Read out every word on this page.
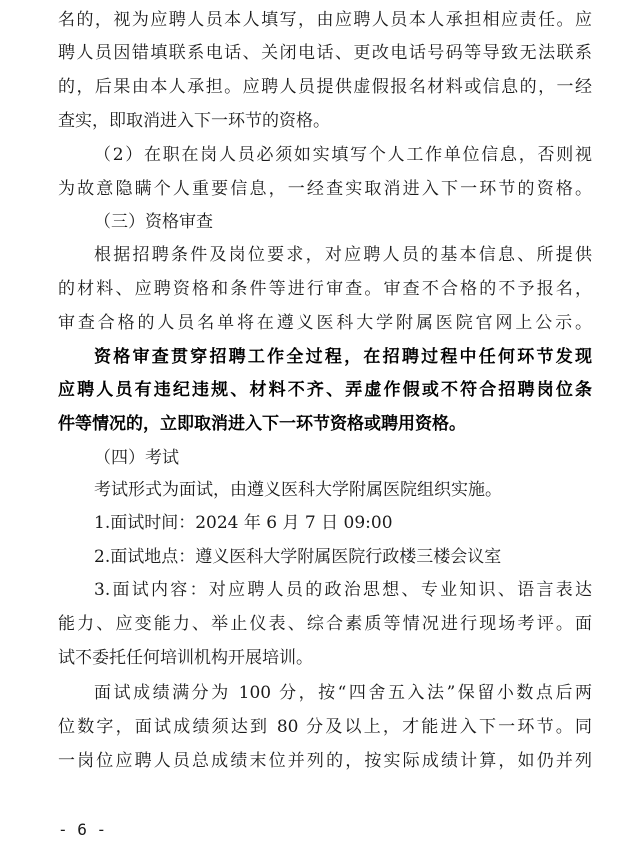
名的，视为应聘人员本人填写，由应聘人员本人承担相应责任。应
聘人员因错填联系电话、关闭电话、更改电话号码等导致无法联系
的，后果由本人承担。应聘人员提供虚假报名材料或信息的，一经
查实，即取消进入下一环节的资格。
（2）在职在岗人员必须如实填写个人工作单位信息，否则视
为故意隐瞒个人重要信息，一经查实取消进入下一环节的资格。
（三）资格审查
根据招聘条件及岗位要求，对应聘人员的基本信息、所提供
的材料、应聘资格和条件等进行审查。审查不合格的不予报名，
审查合格的人员名单将在遵义医科大学附属医院官网上公示。
资格审查贯穿招聘工作全过程，在招聘过程中任何环节发现
应聘人员有违纪违规、材料不齐、弄虚作假或不符合招聘岗位条
件等情况的，立即取消进入下一环节资格或聘用资格。
（四）考试
考试形式为面试，由遵义医科大学附属医院组织实施。
1.面试时间：2024 年 6 月 7 日 09:00
2.面试地点：遵义医科大学附属医院行政楼三楼会议室
3.面试内容：对应聘人员的政治思想、专业知识、语言表达
能力、应变能力、举止仪表、综合素质等情况进行现场考评。面
试不委托任何培训机构开展培训。
面试成绩满分为 100 分，按“四舍五入法”保留小数点后两
位数字，面试成绩须达到 80 分及以上，才能进入下一环节。同
一岗位应聘人员总成绩末位并列的，按实际成绩计算，如仍并列
- 6 -
